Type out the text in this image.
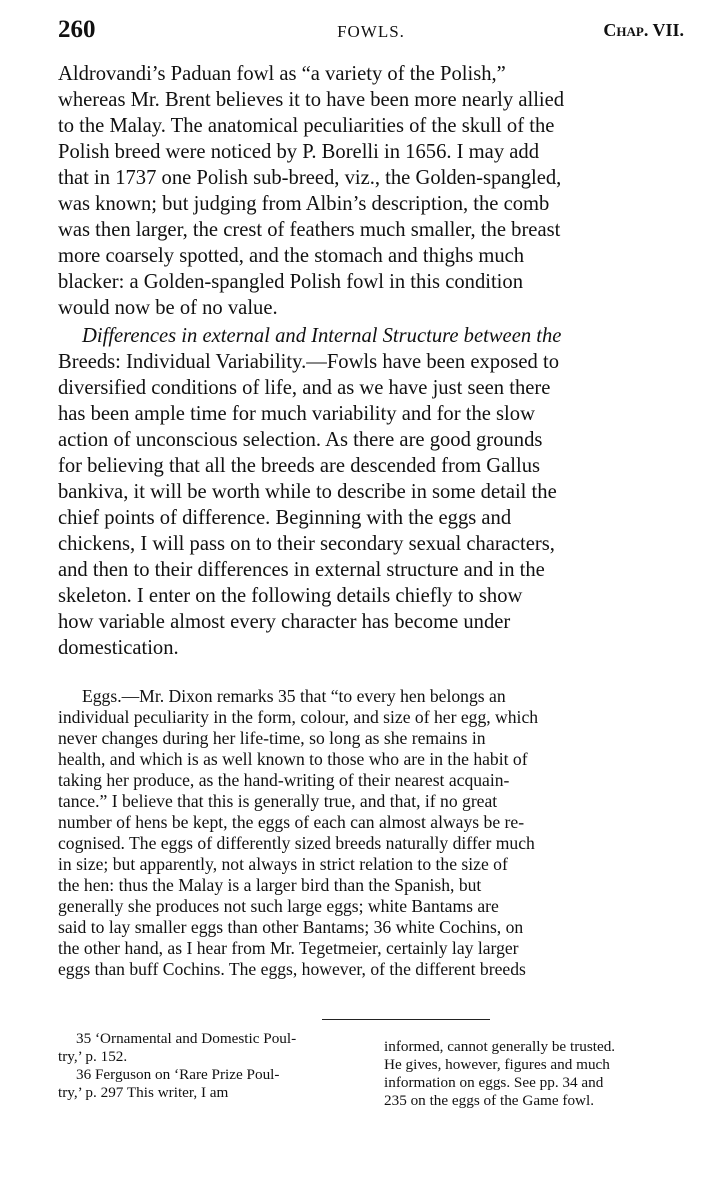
260	FOWLS.	Chap. VII.
Aldrovandi’s Paduan fowl as “a variety of the Polish,”
whereas Mr. Brent believes it to have been more nearly allied
to the Malay. The anatomical peculiarities of the skull of the
Polish breed were noticed by P. Borelli in 1656. I may add
that in 1737 one Polish sub-breed, viz., the Golden-spangled,
was known; but judging from Albin’s description, the comb
was then larger, the crest of feathers much smaller, the breast
more coarsely spotted, and the stomach and thighs much
blacker: a Golden-spangled Polish fowl in this condition
would now be of no value.
Differences in external and Internal Structure between the
Breeds: Individual Variability.—Fowls have been exposed to
diversified conditions of life, and as we have just seen there
has been ample time for much variability and for the slow
action of unconscious selection. As there are good grounds
for believing that all the breeds are descended from Gallus
bankiva, it will be worth while to describe in some detail the
chief points of difference. Beginning with the eggs and
chickens, I will pass on to their secondary sexual characters,
and then to their differences in external structure and in the
skeleton. I enter on the following details chiefly to show
how variable almost every character has become under
domestication.
Eggs.—Mr. Dixon remarks 35 that “to every hen belongs an
individual peculiarity in the form, colour, and size of her egg, which
never changes during her life-time, so long as she remains in
health, and which is as well known to those who are in the habit of
taking her produce, as the hand-writing of their nearest acquain-
tance.” I believe that this is generally true, and that, if no great
number of hens be kept, the eggs of each can almost always be re-
cognised. The eggs of differently sized breeds naturally differ much
in size; but apparently, not always in strict relation to the size of
the hen: thus the Malay is a larger bird than the Spanish, but
generally she produces not such large eggs; white Bantams are
said to lay smaller eggs than other Bantams; 36 white Cochins, on
the other hand, as I hear from Mr. Tegetmeier, certainly lay larger
eggs than buff Cochins. The eggs, however, of the different breeds
35 ‘Ornamental and Domestic Poul-
try,’ p. 152.
36 Ferguson on ‘Rare Prize Poul-
try,’ p. 297 This writer, I am
informed, cannot generally be trusted.
He gives, however, figures and much
information on eggs. See pp. 34 and
235 on the eggs of the Game fowl.
